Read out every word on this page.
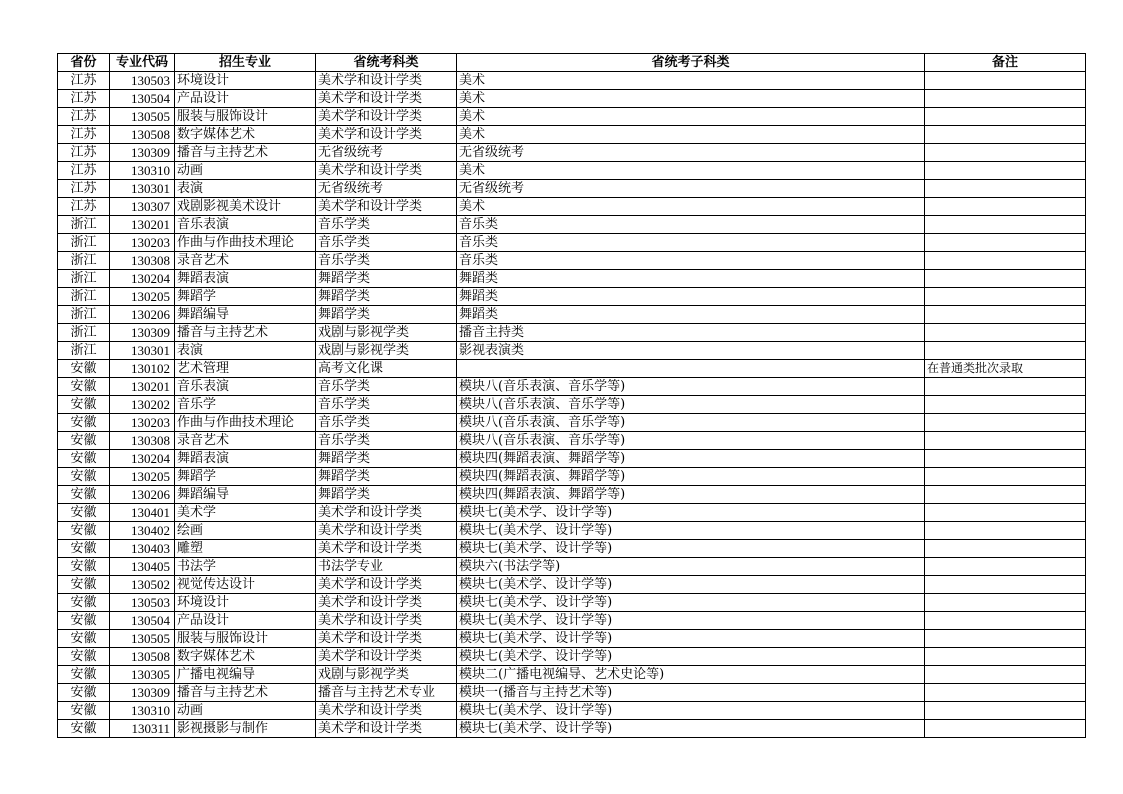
省份	专业代码	招生专业	省统考科类	省统考子科类	备注
江苏	130503	环境设计	美术学和设计学类	美术	
江苏	130504	产品设计	美术学和设计学类	美术	
江苏	130505	服装与服饰设计	美术学和设计学类	美术	
江苏	130508	数字媒体艺术	美术学和设计学类	美术	
江苏	130309	播音与主持艺术	无省级统考	无省级统考	
江苏	130310	动画	美术学和设计学类	美术	
江苏	130301	表演	无省级统考	无省级统考	
江苏	130307	戏剧影视美术设计	美术学和设计学类	美术	
浙江	130201	音乐表演	音乐学类	音乐类	
浙江	130203	作曲与作曲技术理论	音乐学类	音乐类	
浙江	130308	录音艺术	音乐学类	音乐类	
浙江	130204	舞蹈表演	舞蹈学类	舞蹈类	
浙江	130205	舞蹈学	舞蹈学类	舞蹈类	
浙江	130206	舞蹈编导	舞蹈学类	舞蹈类	
浙江	130309	播音与主持艺术	戏剧与影视学类	播音主持类	
浙江	130301	表演	戏剧与影视学类	影视表演类	
安徽	130102	艺术管理	高考文化课		在普通类批次录取
安徽	130201	音乐表演	音乐学类	模块八(音乐表演、音乐学等)	
安徽	130202	音乐学	音乐学类	模块八(音乐表演、音乐学等)	
安徽	130203	作曲与作曲技术理论	音乐学类	模块八(音乐表演、音乐学等)	
安徽	130308	录音艺术	音乐学类	模块八(音乐表演、音乐学等)	
安徽	130204	舞蹈表演	舞蹈学类	模块四(舞蹈表演、舞蹈学等)	
安徽	130205	舞蹈学	舞蹈学类	模块四(舞蹈表演、舞蹈学等)	
安徽	130206	舞蹈编导	舞蹈学类	模块四(舞蹈表演、舞蹈学等)	
安徽	130401	美术学	美术学和设计学类	模块七(美术学、设计学等)	
安徽	130402	绘画	美术学和设计学类	模块七(美术学、设计学等)	
安徽	130403	雕塑	美术学和设计学类	模块七(美术学、设计学等)	
安徽	130405	书法学	书法学专业	模块六(书法学等)	
安徽	130502	视觉传达设计	美术学和设计学类	模块七(美术学、设计学等)	
安徽	130503	环境设计	美术学和设计学类	模块七(美术学、设计学等)	
安徽	130504	产品设计	美术学和设计学类	模块七(美术学、设计学等)	
安徽	130505	服装与服饰设计	美术学和设计学类	模块七(美术学、设计学等)	
安徽	130508	数字媒体艺术	美术学和设计学类	模块七(美术学、设计学等)	
安徽	130305	广播电视编导	戏剧与影视学类	模块二(广播电视编导、艺术史论等)	
安徽	130309	播音与主持艺术	播音与主持艺术专业	模块一(播音与主持艺术等)	
安徽	130310	动画	美术学和设计学类	模块七(美术学、设计学等)	
安徽	130311	影视摄影与制作	美术学和设计学类	模块七(美术学、设计学等)	
